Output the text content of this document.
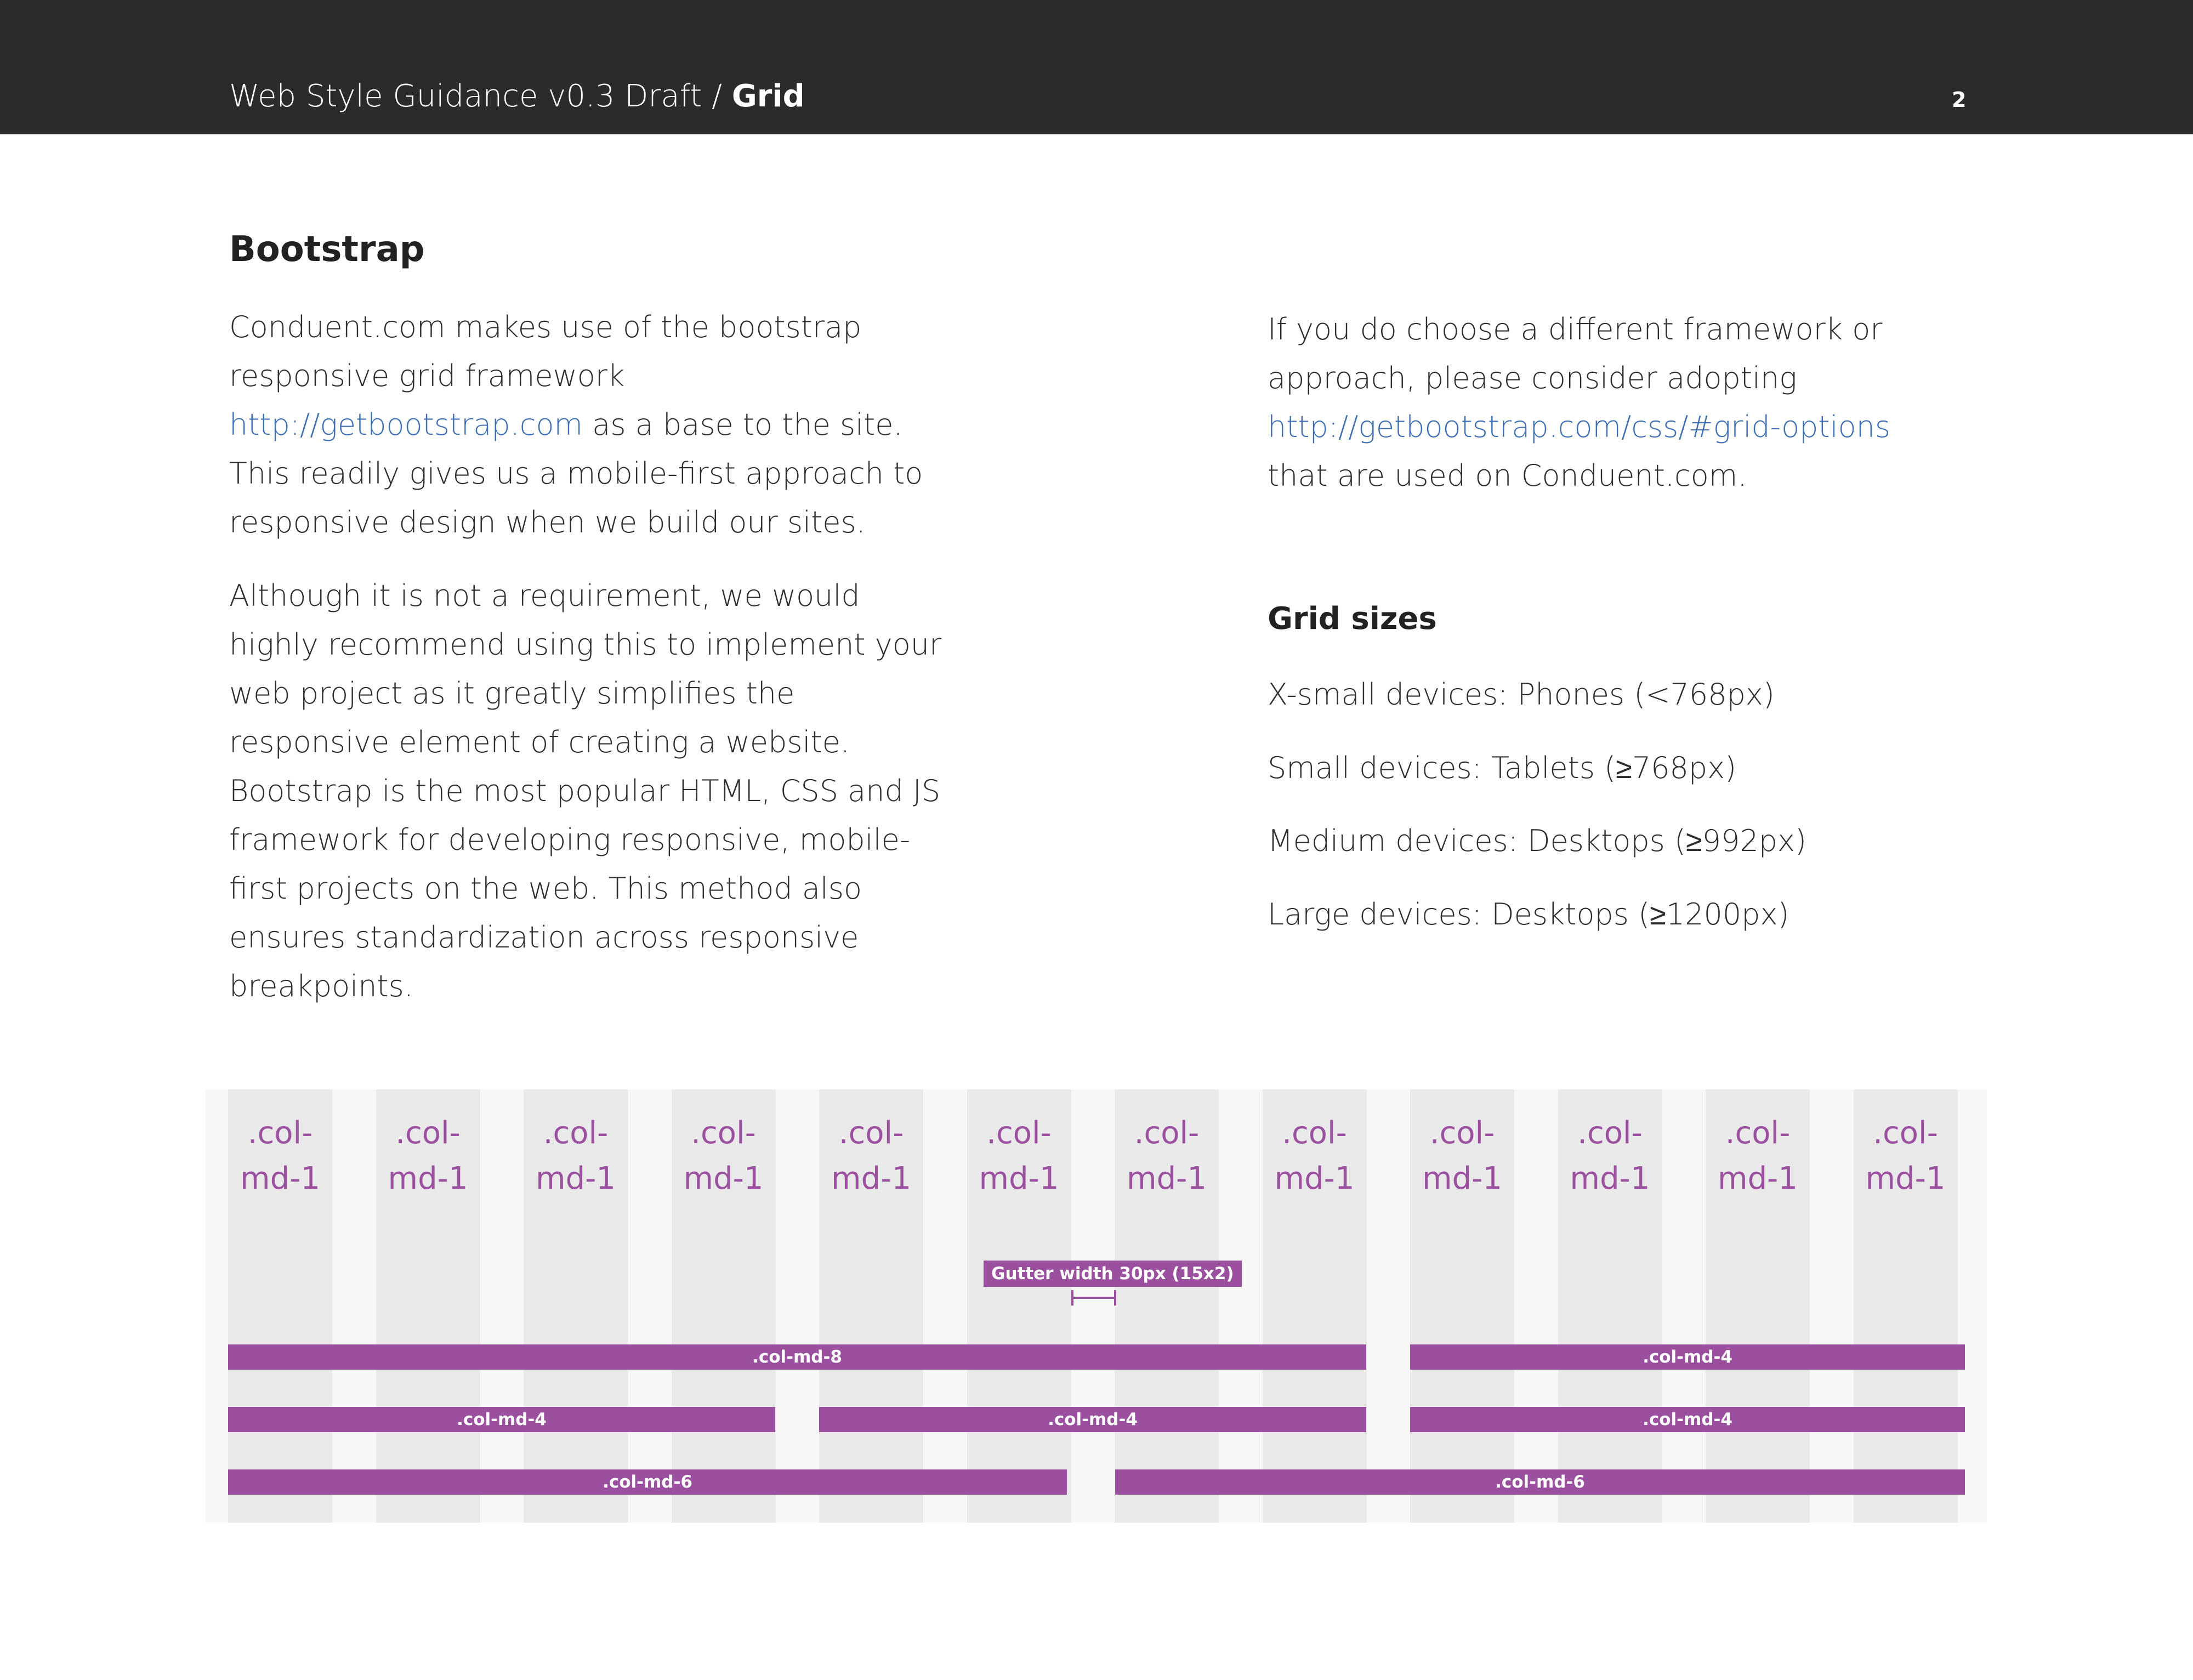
Web Style Guidance v0.3 Draft / Grid	2
Bootstrap

Conduent.com makes use of the bootstrap responsive grid framework http://getbootstrap.com as a base to the site. This readily gives us a mobile-first approach to responsive design when we build our sites.

Although it is not a requirement, we would highly recommend using this to implement your web project as it greatly simplifies the responsive element of creating a website. Bootstrap is the most popular HTML, CSS and JS framework for developing responsive, mobile-first projects on the web. This method also ensures standardization across responsive breakpoints.

If you do choose a different framework or approach, please consider adopting http://getbootstrap.com/css/#grid-options that are used on Conduent.com.

Grid sizes

X-small devices: Phones (<768px)

Small devices: Tablets (≥768px)

Medium devices: Desktops (≥992px)

Large devices: Desktops (≥1200px)

.col-
md-1
.col-
md-1
.col-
md-1
.col-
md-1
.col-
md-1
.col-
md-1
.col-
md-1
.col-
md-1
.col-
md-1
.col-
md-1
.col-
md-1
.col-
md-1
Gutter width 30px (15x2)
.col-md-8	.col-md-4
.col-md-4	.col-md-4	.col-md-4
.col-md-6	.col-md-6
